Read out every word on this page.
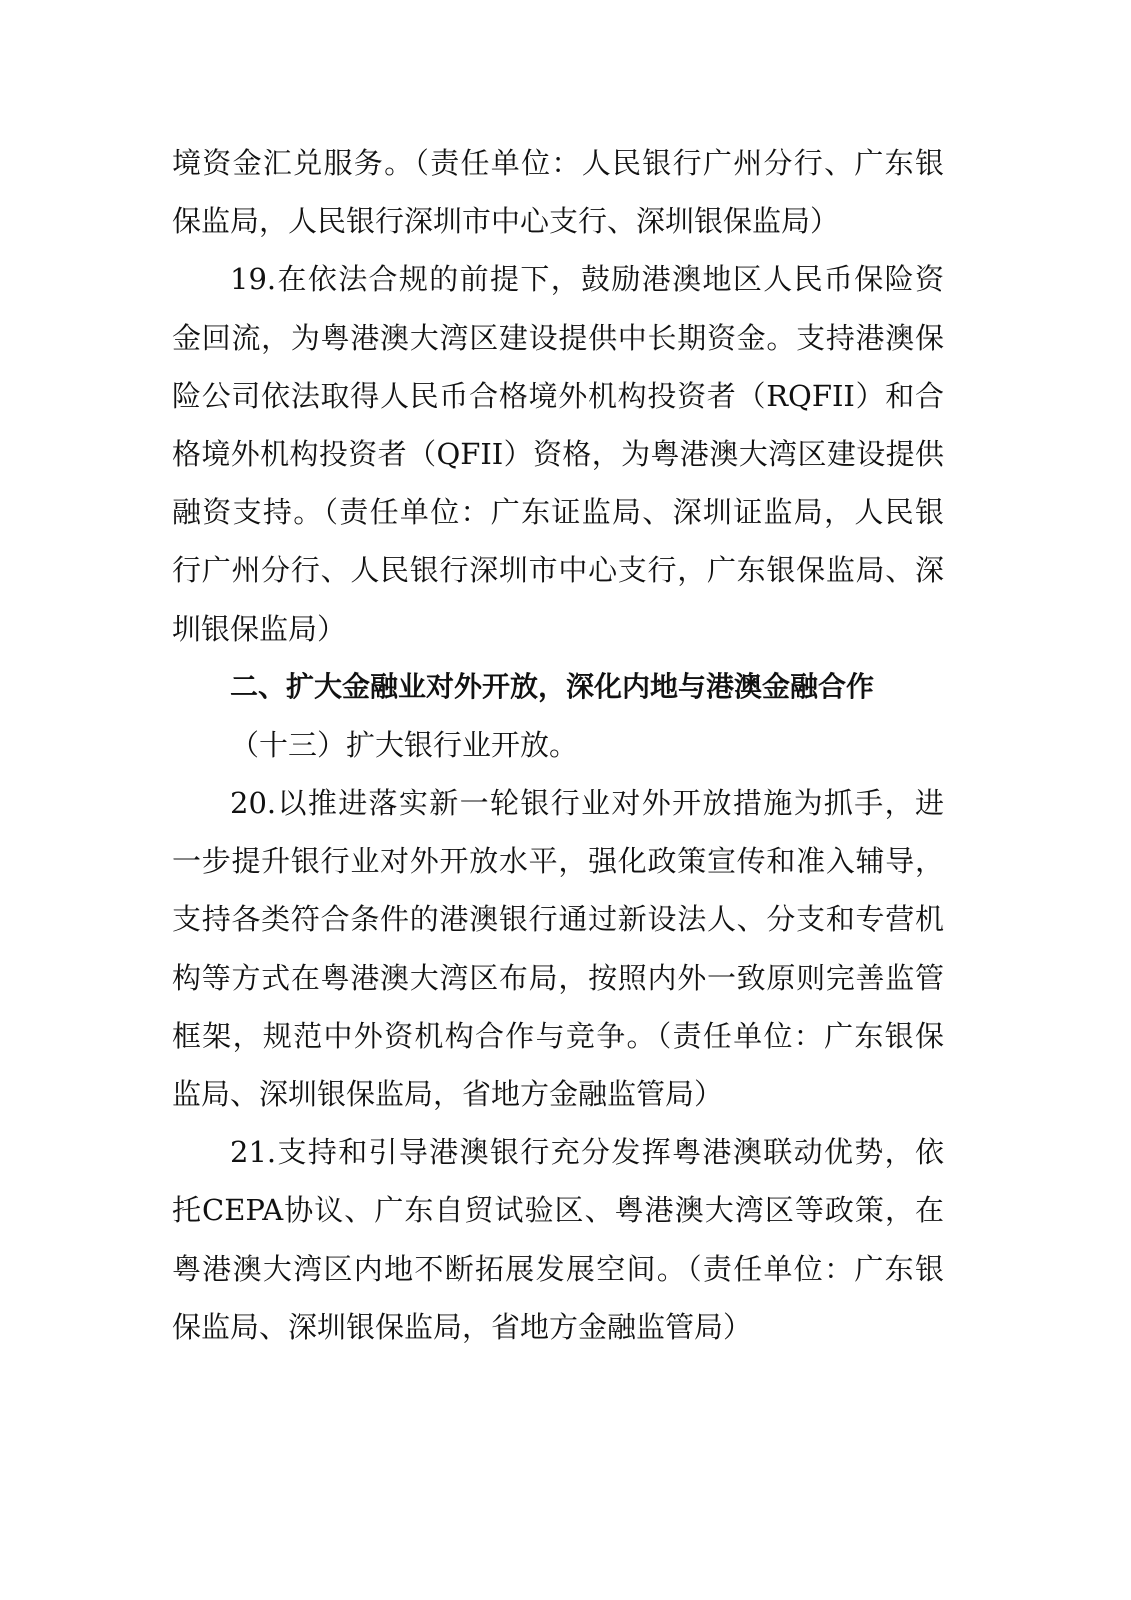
境资金汇兑服务。（责任单位：人民银行广州分行、广东银
保监局，人民银行深圳市中心支行、深圳银保监局）
19.在依法合规的前提下，鼓励港澳地区人民币保险资
金回流，为粤港澳大湾区建设提供中长期资金。支持港澳保
险公司依法取得人民币合格境外机构投资者（RQFII）和合
格境外机构投资者（QFII）资格，为粤港澳大湾区建设提供
融资支持。（责任单位：广东证监局、深圳证监局，人民银
行广州分行、人民银行深圳市中心支行，广东银保监局、深
圳银保监局）
二、扩大金融业对外开放，深化内地与港澳金融合作
（十三）扩大银行业开放。
20.以推进落实新一轮银行业对外开放措施为抓手，进
一步提升银行业对外开放水平，强化政策宣传和准入辅导，
支持各类符合条件的港澳银行通过新设法人、分支和专营机
构等方式在粤港澳大湾区布局，按照内外一致原则完善监管
框架，规范中外资机构合作与竞争。（责任单位：广东银保
监局、深圳银保监局，省地方金融监管局）
21.支持和引导港澳银行充分发挥粤港澳联动优势，依
托CEPA协议、广东自贸试验区、粤港澳大湾区等政策，在
粤港澳大湾区内地不断拓展发展空间。（责任单位：广东银
保监局、深圳银保监局，省地方金融监管局）
